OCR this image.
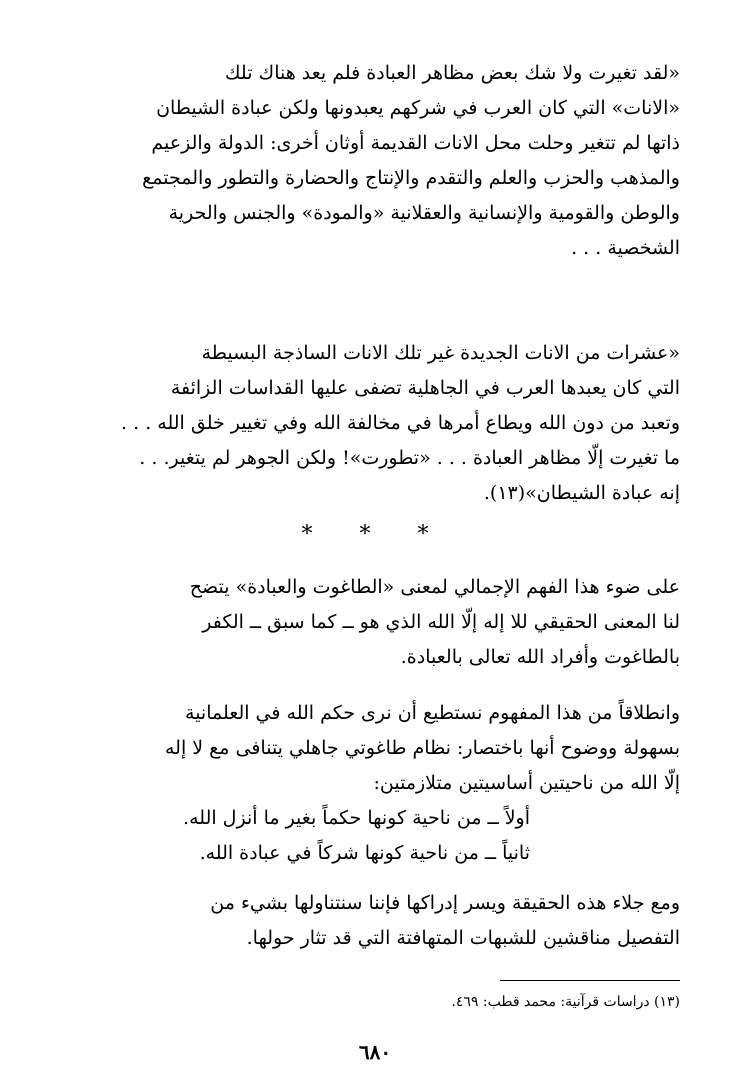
«لقد تغيرت ولا شك بعض مظاهر العبادة فلم يعد هناك تلك
«الانات» التي كان العرب في شركهم يعبدونها ولكن عبادة الشيطان
ذاتها لم تتغير وحلت محل الانات القديمة أوثان أخرى: الدولة والزعيم
والمذهب والحزب والعلم والتقدم والإنتاج والحضارة والتطور والمجتمع
والوطن والقومية والإنسانية والعقلانية «والمودة» والجنس والحرية
الشخصية . . .

«عشرات من الانات الجديدة غير تلك الانات الساذجة البسيطة
التي كان يعبدها العرب في الجاهلية تضفى عليها القداسات الزائفة
وتعبد من دون الله ويطاع أمرها في مخالفة الله وفي تغيير خلق الله . . .
ما تغيرت إلّا مظاهر العبادة . . . «تطورت»! ولكن الجوهر لم يتغير. . .
إنه عبادة الشيطان»(١٣).

* * *

على ضوء هذا الفهم الإجمالي لمعنى «الطاغوت والعبادة» يتضح
لنا المعنى الحقيقي للا إله إلّا الله الذي هو ــ كما سبق ــ الكفر
بالطاغوت وأفراد الله تعالى بالعبادة.

وانطلاقاً من هذا المفهوم نستطيع أن نرى حكم الله في العلمانية
بسهولة ووضوح أنها باختصار: نظام طاغوتي جاهلي يتنافى مع لا إله
إلّا الله من ناحيتين أساسيتين متلازمتين:
أولاً ــ من ناحية كونها حكماً بغير ما أنزل الله.
ثانياً ــ من ناحية كونها شركاً في عبادة الله.

ومع جلاء هذه الحقيقة ويسر إدراكها فإننا سنتناولها بشيء من
التفصيل مناقشين للشبهات المتهافتة التي قد تثار حولها.

(١٣) دراسات قرآنية: محمد قطب: ٤٦٩.
٦٨٠
